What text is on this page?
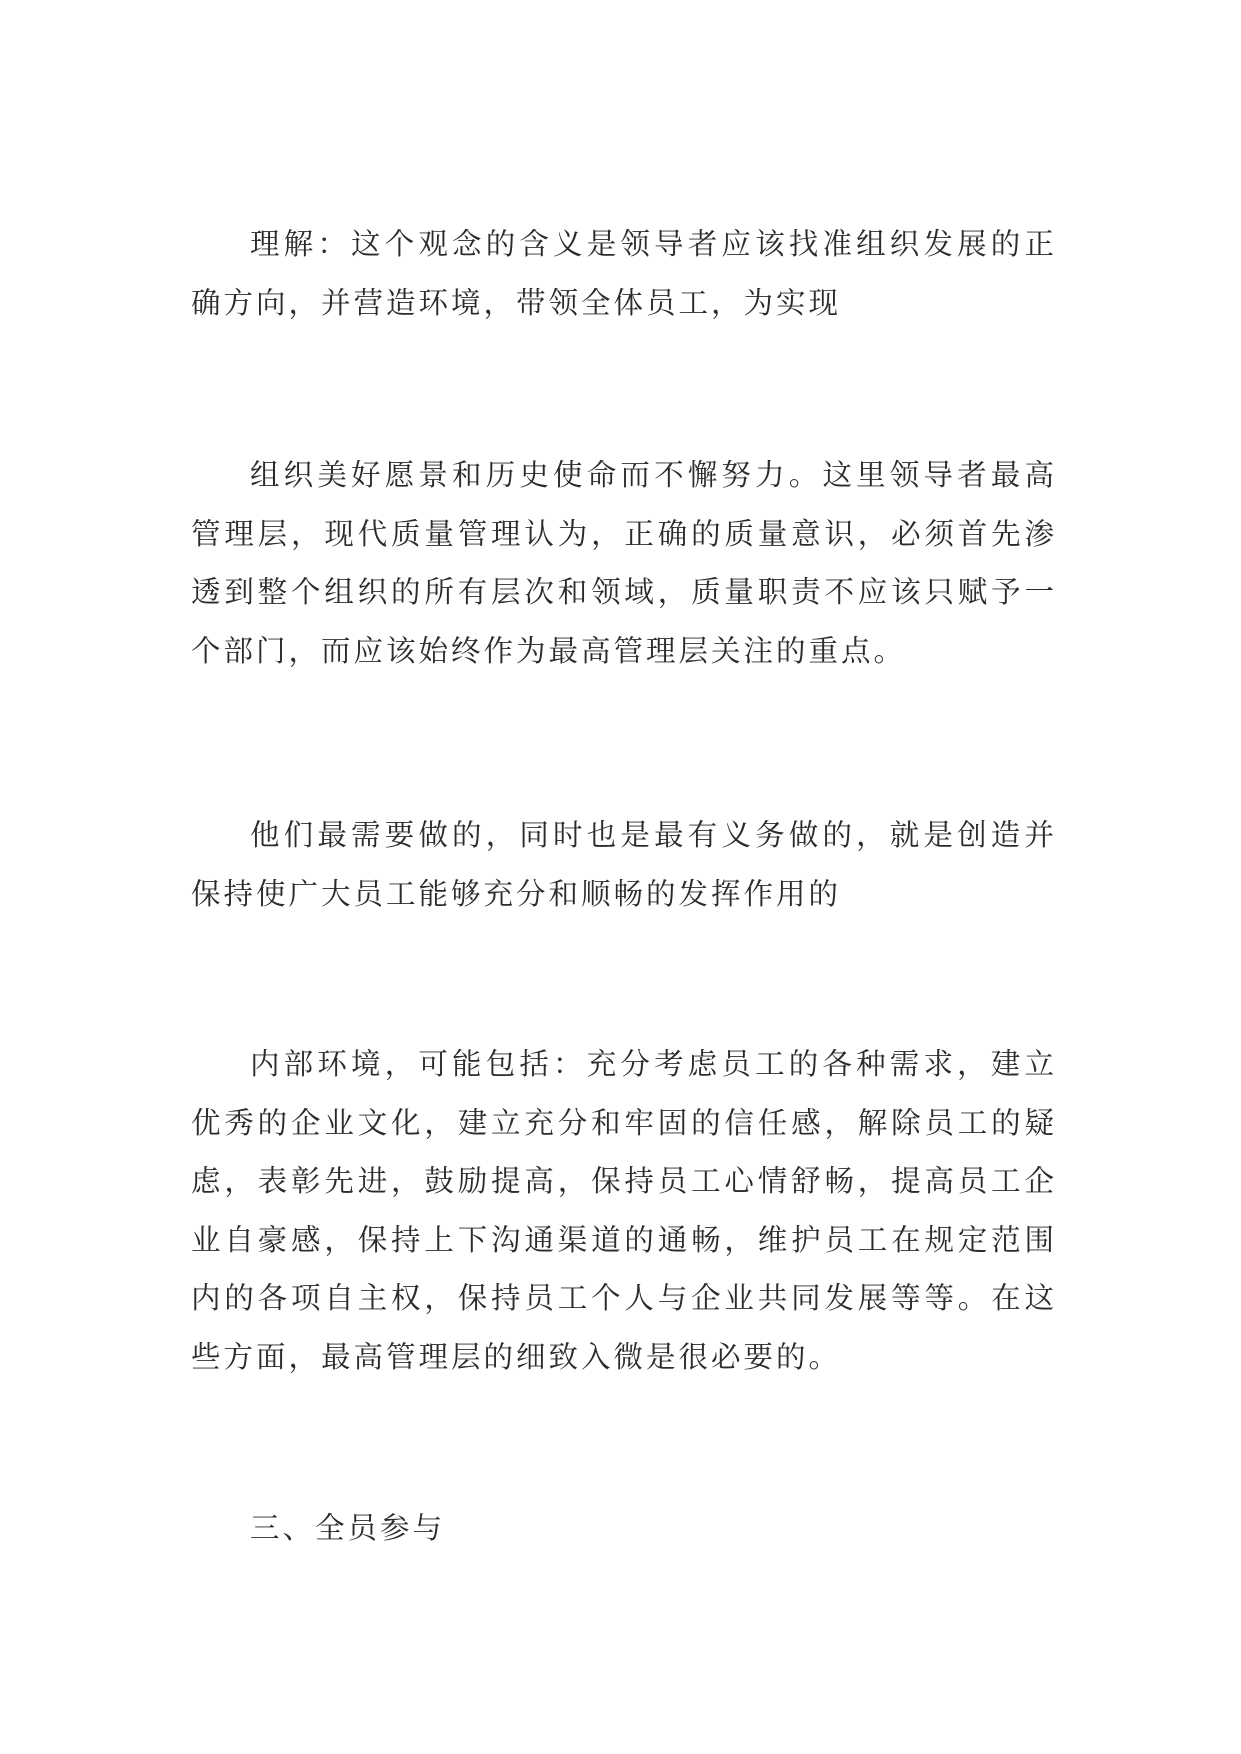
理解：这个观念的含义是领导者应该找准组织发展的正确方向，并营造环境，带领全体员工，为实现

组织美好愿景和历史使命而不懈努力。这里领导者最高管理层，现代质量管理认为，正确的质量意识，必须首先渗透到整个组织的所有层次和领域，质量职责不应该只赋予一个部门，而应该始终作为最高管理层关注的重点。

他们最需要做的，同时也是最有义务做的，就是创造并保持使广大员工能够充分和顺畅的发挥作用的

内部环境，可能包括：充分考虑员工的各种需求，建立优秀的企业文化，建立充分和牢固的信任感，解除员工的疑虑，表彰先进，鼓励提高，保持员工心情舒畅，提高员工企业自豪感，保持上下沟通渠道的通畅，维护员工在规定范围内的各项自主权，保持员工个人与企业共同发展等等。在这些方面，最高管理层的细致入微是很必要的。

三、全员参与
